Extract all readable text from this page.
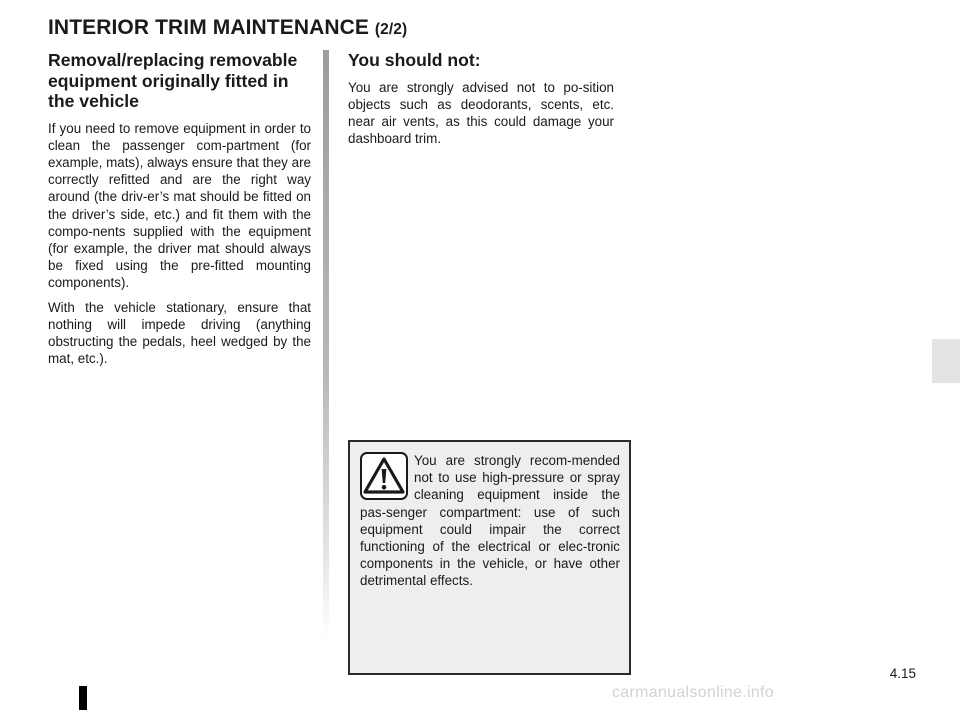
INTERIOR TRIM MAINTENANCE (2/2)
Removal/replacing removable equipment originally fitted in the vehicle

If you need to remove equipment in order to clean the passenger com-partment (for example, mats), always ensure that they are correctly refitted and are the right way around (the driv-er’s mat should be fitted on the driver’s side, etc.) and fit them with the compo-nents supplied with the equipment (for example, the driver mat should always be fixed using the pre-fitted mounting components).

With the vehicle stationary, ensure that nothing will impede driving (anything obstructing the pedals, heel wedged by the mat, etc.).

You should not:

You are strongly advised not to po-sition objects such as deodorants, scents, etc. near air vents, as this could damage your dashboard trim.

You are strongly recom-mended not to use high-pressure or spray cleaning equipment inside the pas-senger compartment: use of such equipment could impair the correct functioning of the electrical or elec-tronic components in the vehicle, or have other detrimental effects.

4.15
carmanualsonline.info
